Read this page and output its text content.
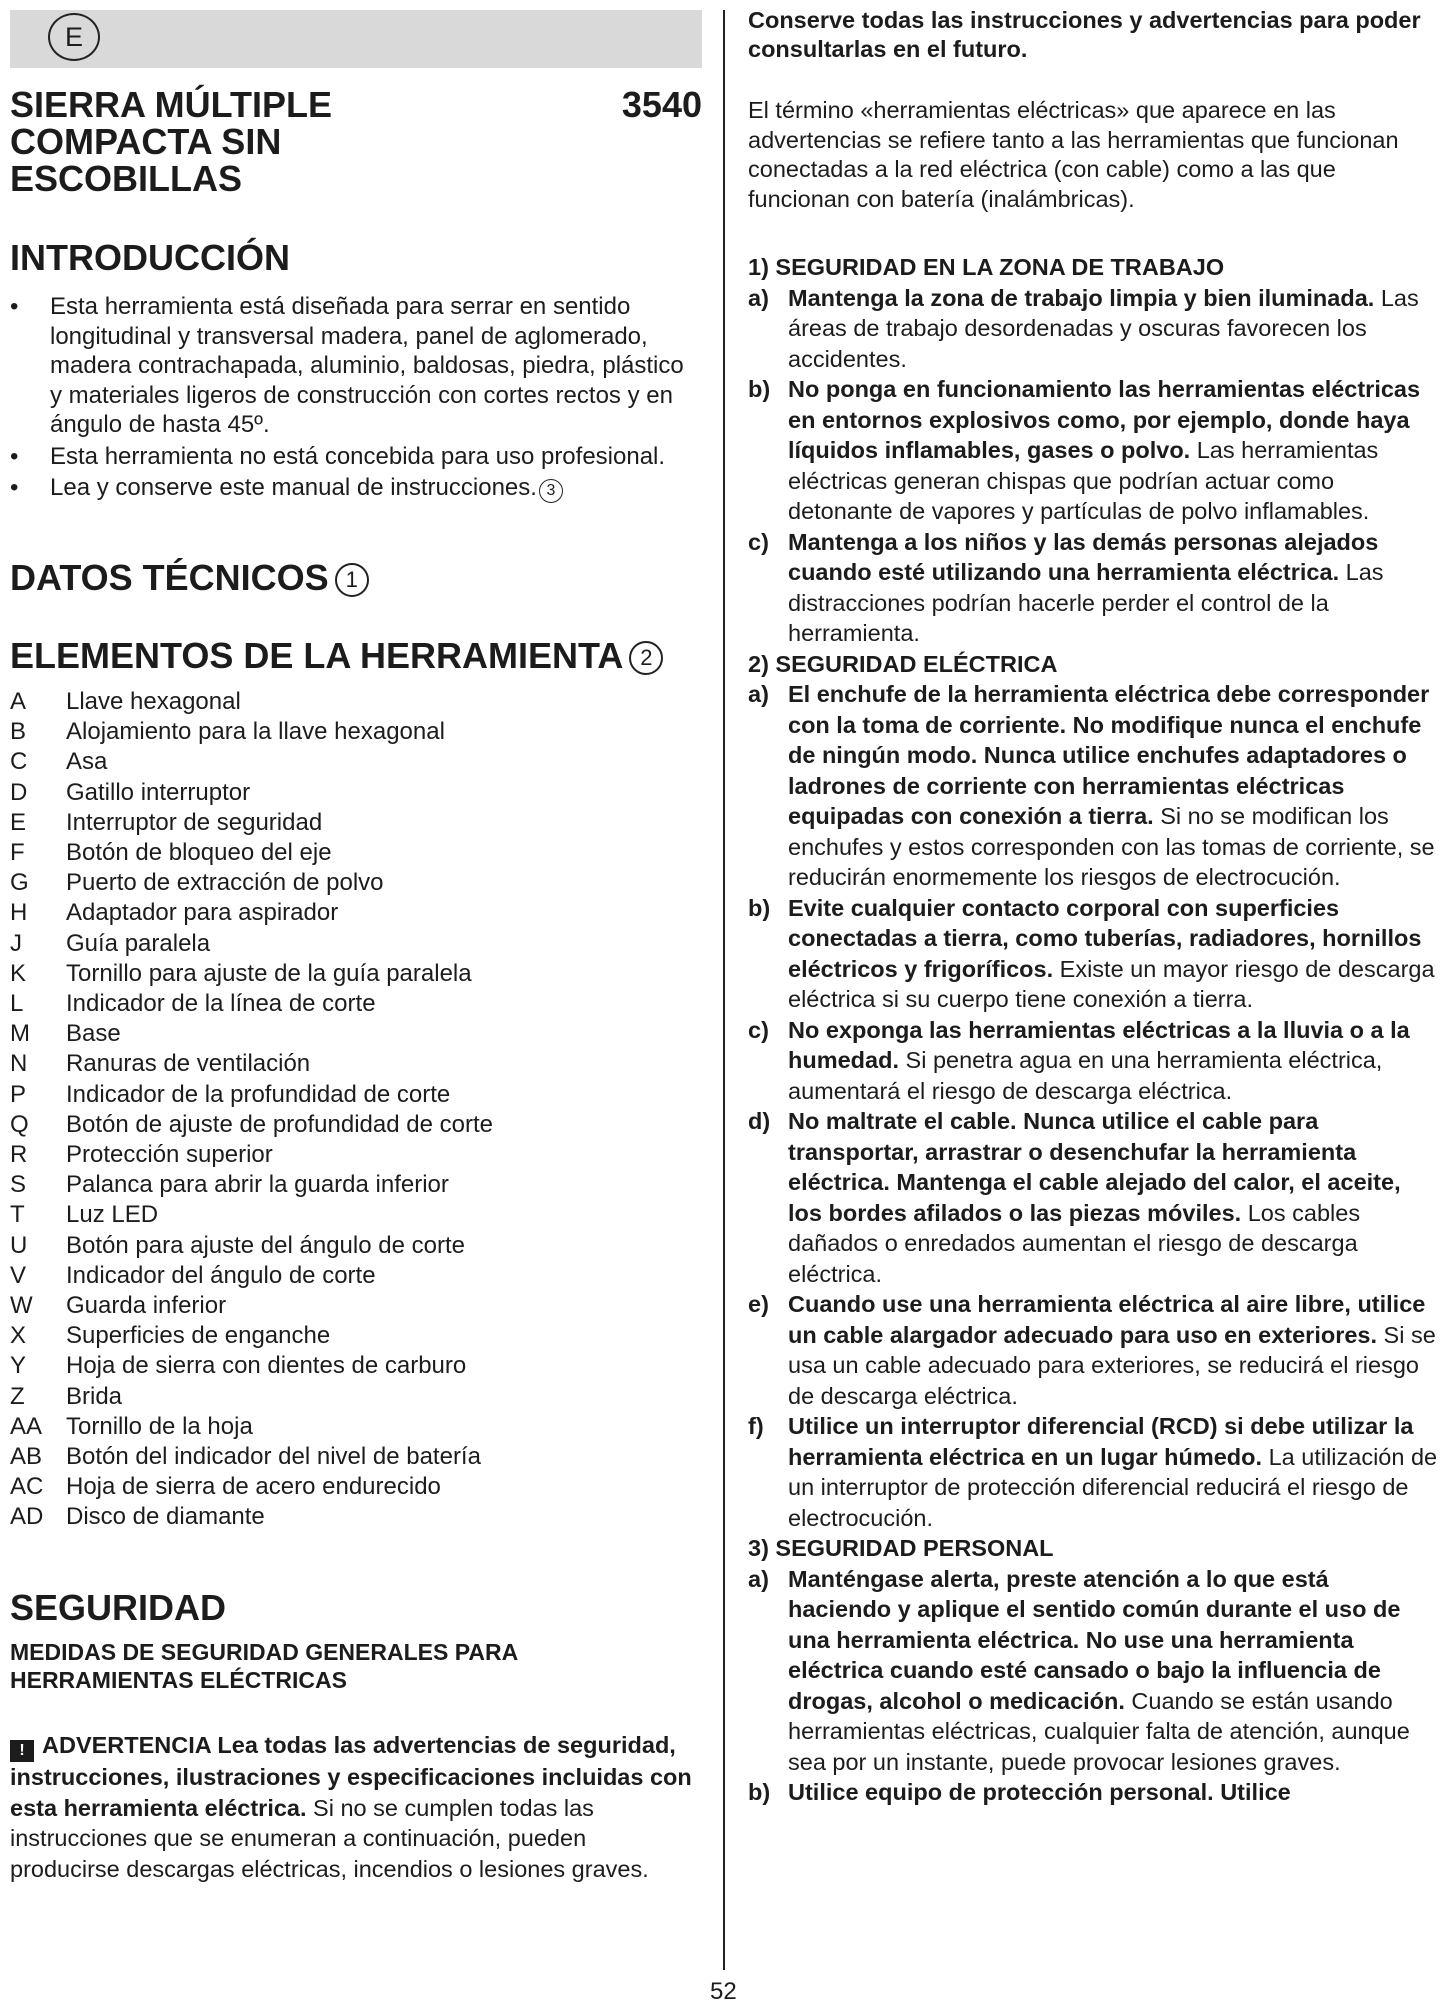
E
SIERRA MÚLTIPLE COMPACTA SIN ESCOBILLAS
3540
INTRODUCCIÓN
• Esta herramienta está diseñada para serrar en sentido longitudinal y transversal madera, panel de aglomerado, madera contrachapada, aluminio, baldosas, piedra, plástico y materiales ligeros de construcción con cortes rectos y en ángulo de hasta 45º.
• Esta herramienta no está concebida para uso profesional.
• Lea y conserve este manual de instrucciones. 3
DATOS TÉCNICOS 1
ELEMENTOS DE LA HERRAMIENTA 2
A	Llave hexagonal
B	Alojamiento para la llave hexagonal
C	Asa
D	Gatillo interruptor
E	Interruptor de seguridad
F	Botón de bloqueo del eje
G	Puerto de extracción de polvo
H	Adaptador para aspirador
J	Guía paralela
K	Tornillo para ajuste de la guía paralela
L	Indicador de la línea de corte
M	Base
N	Ranuras de ventilación
P	Indicador de la profundidad de corte
Q	Botón de ajuste de profundidad de corte
R	Protección superior
S	Palanca para abrir la guarda inferior
T	Luz LED
U	Botón para ajuste del ángulo de corte
V	Indicador del ángulo de corte
W	Guarda inferior
X	Superficies de enganche
Y	Hoja de sierra con dientes de carburo
Z	Brida
AA Tornillo de la hoja
AB Botón del indicador del nivel de batería
AC Hoja de sierra de acero endurecido
AD Disco de diamante
SEGURIDAD
MEDIDAS DE SEGURIDAD GENERALES PARA HERRAMIENTAS ELÉCTRICAS
! ADVERTENCIA Lea todas las advertencias de seguridad, instrucciones, ilustraciones y especificaciones incluidas con esta herramienta eléctrica. Si no se cumplen todas las instrucciones que se enumeran a continuación, pueden producirse descargas eléctricas, incendios o lesiones graves.
Conserve todas las instrucciones y advertencias para poder consultarlas en el futuro.
El término «herramientas eléctricas» que aparece en las advertencias se refiere tanto a las herramientas que funcionan conectadas a la red eléctrica (con cable) como a las que funcionan con batería (inalámbricas).
1) SEGURIDAD EN LA ZONA DE TRABAJO
a) Mantenga la zona de trabajo limpia y bien iluminada. Las áreas de trabajo desordenadas y oscuras favorecen los accidentes.
b) No ponga en funcionamiento las herramientas eléctricas en entornos explosivos como, por ejemplo, donde haya líquidos inflamables, gases o polvo. Las herramientas eléctricas generan chispas que podrían actuar como detonante de vapores y partículas de polvo inflamables.
c) Mantenga a los niños y las demás personas alejados cuando esté utilizando una herramienta eléctrica. Las distracciones podrían hacerle perder el control de la herramienta.
2) SEGURIDAD ELÉCTRICA
a) El enchufe de la herramienta eléctrica debe corresponder con la toma de corriente. No modifique nunca el enchufe de ningún modo. Nunca utilice enchufes adaptadores o ladrones de corriente con herramientas eléctricas equipadas con conexión a tierra. Si no se modifican los enchufes y estos corresponden con las tomas de corriente, se reducirán enormemente los riesgos de electrocución.
b) Evite cualquier contacto corporal con superficies conectadas a tierra, como tuberías, radiadores, hornillos eléctricos y frigoríficos. Existe un mayor riesgo de descarga eléctrica si su cuerpo tiene conexión a tierra.
c) No exponga las herramientas eléctricas a la lluvia o a la humedad. Si penetra agua en una herramienta eléctrica, aumentará el riesgo de descarga eléctrica.
d) No maltrate el cable. Nunca utilice el cable para transportar, arrastrar o desenchufar la herramienta eléctrica. Mantenga el cable alejado del calor, el aceite, los bordes afilados o las piezas móviles. Los cables dañados o enredados aumentan el riesgo de descarga eléctrica.
e) Cuando use una herramienta eléctrica al aire libre, utilice un cable alargador adecuado para uso en exteriores. Si se usa un cable adecuado para exteriores, se reducirá el riesgo de descarga eléctrica.
f) Utilice un interruptor diferencial (RCD) si debe utilizar la herramienta eléctrica en un lugar húmedo. La utilización de un interruptor de protección diferencial reducirá el riesgo de electrocución.
3) SEGURIDAD PERSONAL
a) Manténgase alerta, preste atención a lo que está haciendo y aplique el sentido común durante el uso de una herramienta eléctrica. No use una herramienta eléctrica cuando esté cansado o bajo la influencia de drogas, alcohol o medicación. Cuando se están usando herramientas eléctricas, cualquier falta de atención, aunque sea por un instante, puede provocar lesiones graves.
b) Utilice equipo de protección personal. Utilice
52
